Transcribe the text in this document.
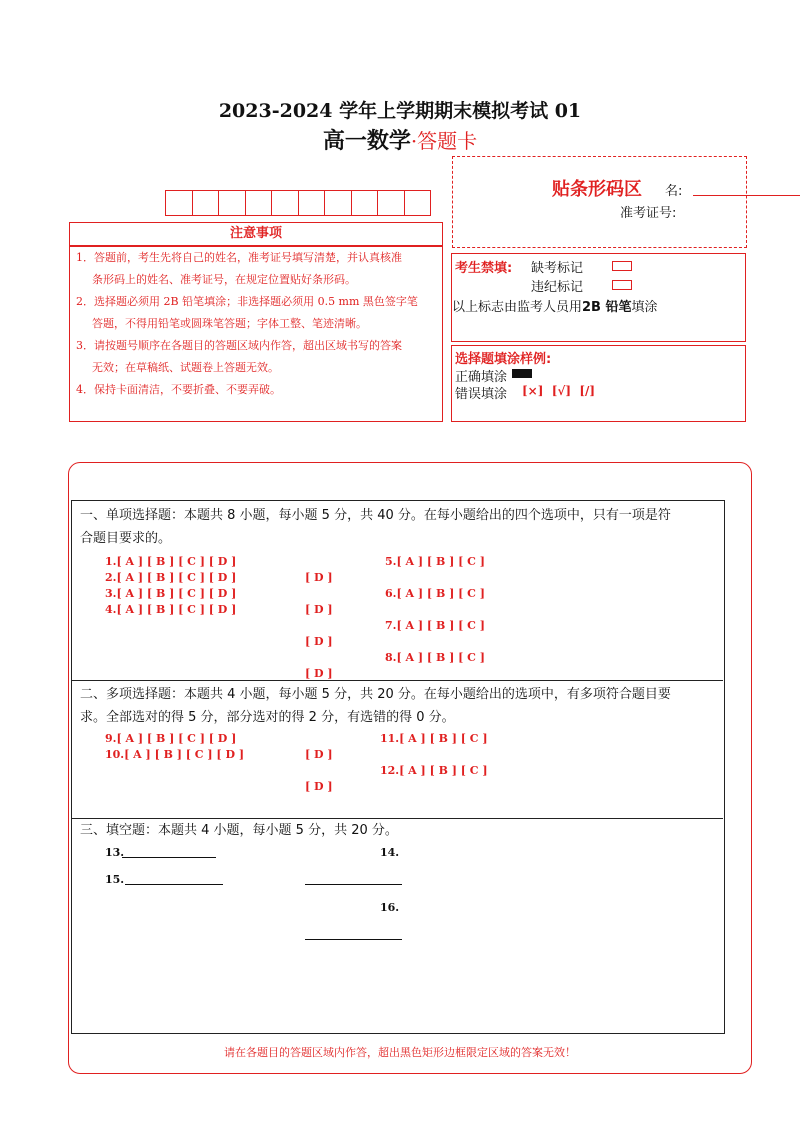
2023-2024 学年上学期期末模拟考试 01
高一数学·答题卡
注意事项
1．答题前，考生先将自己的姓名，准考证号填写清楚，并认真核准
条形码上的姓名、准考证号，在规定位置贴好条形码。
2．选择题必须用 2B 铅笔填涂；非选择题必须用 0.5 mm 黑色签字笔
答题，不得用铅笔或圆珠笔答题；字体工整、笔迹清晰。
3．请按题号顺序在各题目的答题区域内作答，超出区域书写的答案
无效；在草稿纸、试题卷上答题无效。
4．保持卡面清洁，不要折叠、不要弄破。
贴条形码区 名:
准考证号:
考生禁填: 缺考标记
违纪标记
以上标志由监考人员用2B 铅笔填涂
选择题填涂样例:
正确填涂
错误填涂 [×]  [√]  [/]
一、单项选择题：本题共 8 小题，每小题 5 分，共 40 分。在每小题给出的四个选项中，只有一项是符
合题目要求的。
1.[ A ] [ B ] [ C ] [ D ]
2.[ A ] [ B ] [ C ] [ D ]
3.[ A ] [ B ] [ C ] [ D ]
4.[ A ] [ B ] [ C ] [ D ]
5.[ A ] [ B ] [ C ]
[ D ]
6.[ A ] [ B ] [ C ]
[ D ]
7.[ A ] [ B ] [ C ]
[ D ]
8.[ A ] [ B ] [ C ]
[ D ]
二、多项选择题：本题共 4 小题，每小题 5 分，共 20 分。在每小题给出的选项中，有多项符合题目要
求。全部选对的得 5 分，部分选对的得 2 分，有选错的得 0 分。
9.[ A ] [ B ] [ C ] [ D ]
10.[ A ] [ B ] [ C ] [ D ]
11.[ A ] [ B ] [ C ]
[ D ]
12.[ A ] [ B ] [ C ]
[ D ]
三、填空题：本题共 4 小题，每小题 5 分，共 20 分。
13.	14.
15.
16.
请在各题目的答题区域内作答，超出黑色矩形边框限定区域的答案无效！
